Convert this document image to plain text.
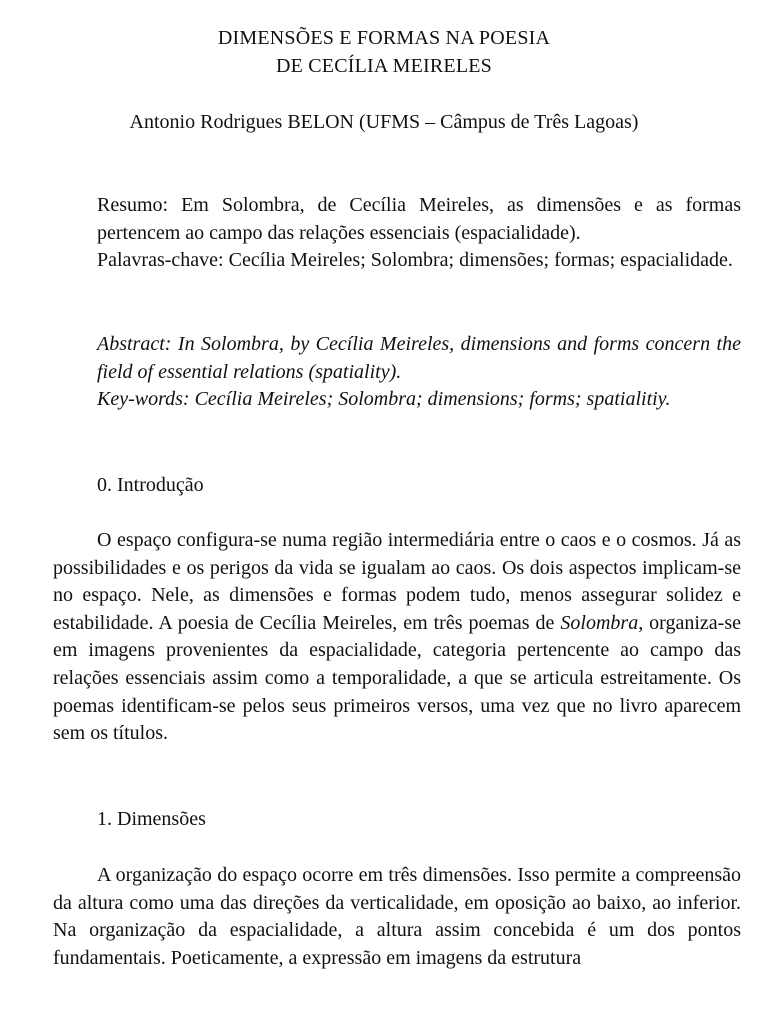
DIMENSÕES E FORMAS NA POESIA
DE CECÍLIA MEIRELES
Antonio Rodrigues BELON (UFMS – Câmpus de Três Lagoas)

Resumo: Em Solombra, de Cecília Meireles, as dimensões e as formas pertencem ao campo das relações essenciais (espacialidade).

Palavras-chave: Cecília Meireles; Solombra; dimensões; formas; espacialidade.

Abstract: In Solombra, by Cecília Meireles, dimensions and forms concern the field of essential relations (spatiality).

Key-words: Cecília Meireles; Solombra; dimensions; forms; spatialitiy.

0. Introdução

O espaço configura-se numa região intermediária entre o caos e o cosmos. Já as possibilidades e os perigos da vida se igualam ao caos. Os dois aspectos implicam-se no espaço. Nele, as dimensões e formas podem tudo, menos assegurar solidez e estabilidade. A poesia de Cecília Meireles, em três poemas de Solombra, organiza-se em imagens provenientes da espacialidade, categoria pertencente ao campo das relações essenciais assim como a temporalidade, a que se articula estreitamente. Os poemas identificam-se pelos seus primeiros versos, uma vez que no livro aparecem sem os títulos.

1. Dimensões

A organização do espaço ocorre em três dimensões. Isso permite a compreensão da altura como uma das direções da verticalidade, em oposição ao baixo, ao inferior. Na organização da espacialidade, a altura assim concebida é um dos pontos fundamentais. Poeticamente, a expressão em imagens da estrutura
